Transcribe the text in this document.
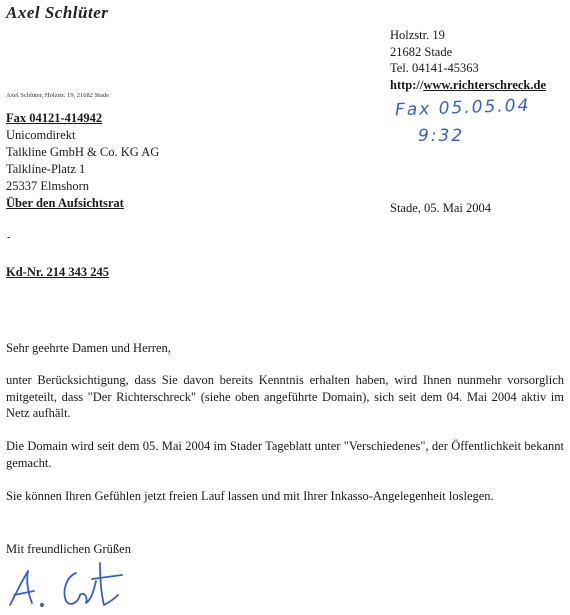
Axel Schlüter
Holzstr. 19
21682 Stade
Tel. 04141-45363
http://www.richterschreck.de
Fax 05.05.04
9:32
Axel Schlüter, Holzstr. 19, 21682 Stade
Fax 04121-414942
Unicomdirekt
Talkline GmbH & Co. KG AG
Talkline-Platz 1
25337 Elmshorn
Über den Aufsichtsrat	Stade, 05. Mai 2004
-
Kd-Nr. 214 343 245
Sehr geehrte Damen und Herren,
unter Berücksichtigung, dass Sie davon bereits Kenntnis erhalten haben, wird Ihnen nunmehr vorsorglich mitgeteilt, dass "Der Richterschreck" (siehe oben angeführte Domain), sich seit dem 04. Mai 2004 aktiv im Netz aufhält.
Die Domain wird seit dem 05. Mai 2004 im Stader Tageblatt unter "Verschiedenes", der Öffentlichkeit bekannt gemacht.
Sie können Ihren Gefühlen jetzt freien Lauf lassen und mit Ihrer Inkasso-Angelegenheit loslegen.
Mit freundlichen Grüßen
